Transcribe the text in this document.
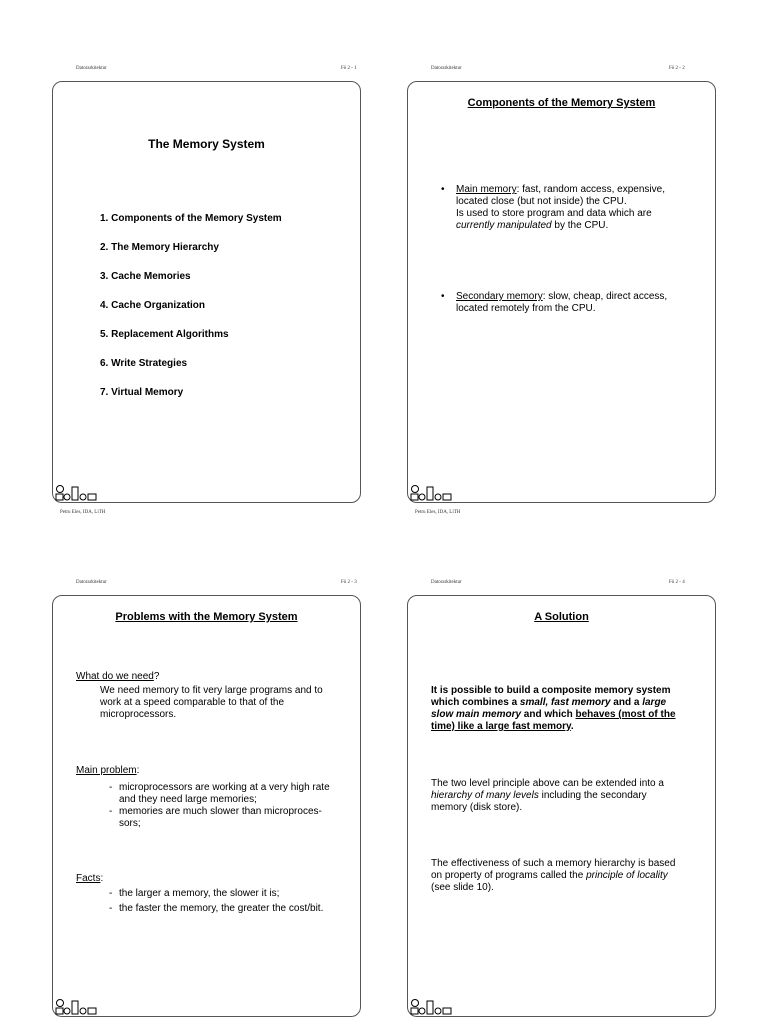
Datorarkitektur	Fö 2 - 1
The Memory System
1. Components of the Memory System
2. The Memory Hierarchy
3. Cache Memories
4. Cache Organization
5. Replacement Algorithms
6. Write Strategies
7. Virtual Memory
Petru Eles, IDA, LiTH
Datorarkitektur	Fö 2 - 2
Components of the Memory System
• Main memory: fast, random access, expensive,
located close (but not inside) the CPU.
Is used to store program and data which are
currently manipulated by the CPU.
• Secondary memory: slow, cheap, direct access,
located remotely from the CPU.
Petru Eles, IDA, LiTH
Datorarkitektur	Fö 2 - 3
Problems with the Memory System
What do we need?
We need memory to fit very large programs and to
work at a speed comparable to that of the
microprocessors.
Main problem:
- microprocessors are working at a very high rate
and they need large memories;
- memories are much slower than microproces-
sors;
Facts:
- the larger a memory, the slower it is;
- the faster the memory, the greater the cost/bit.
Datorarkitektur	Fö 2 - 4
A Solution
It is possible to build a composite memory system
which combines a small, fast memory and a large
slow main memory and which behaves (most of the
time) like a large fast memory.
The two level principle above can be extended into a
hierarchy of many levels including the secondary
memory (disk store).
The effectiveness of such a memory hierarchy is based
on property of programs called the principle of locality
(see slide 10).
